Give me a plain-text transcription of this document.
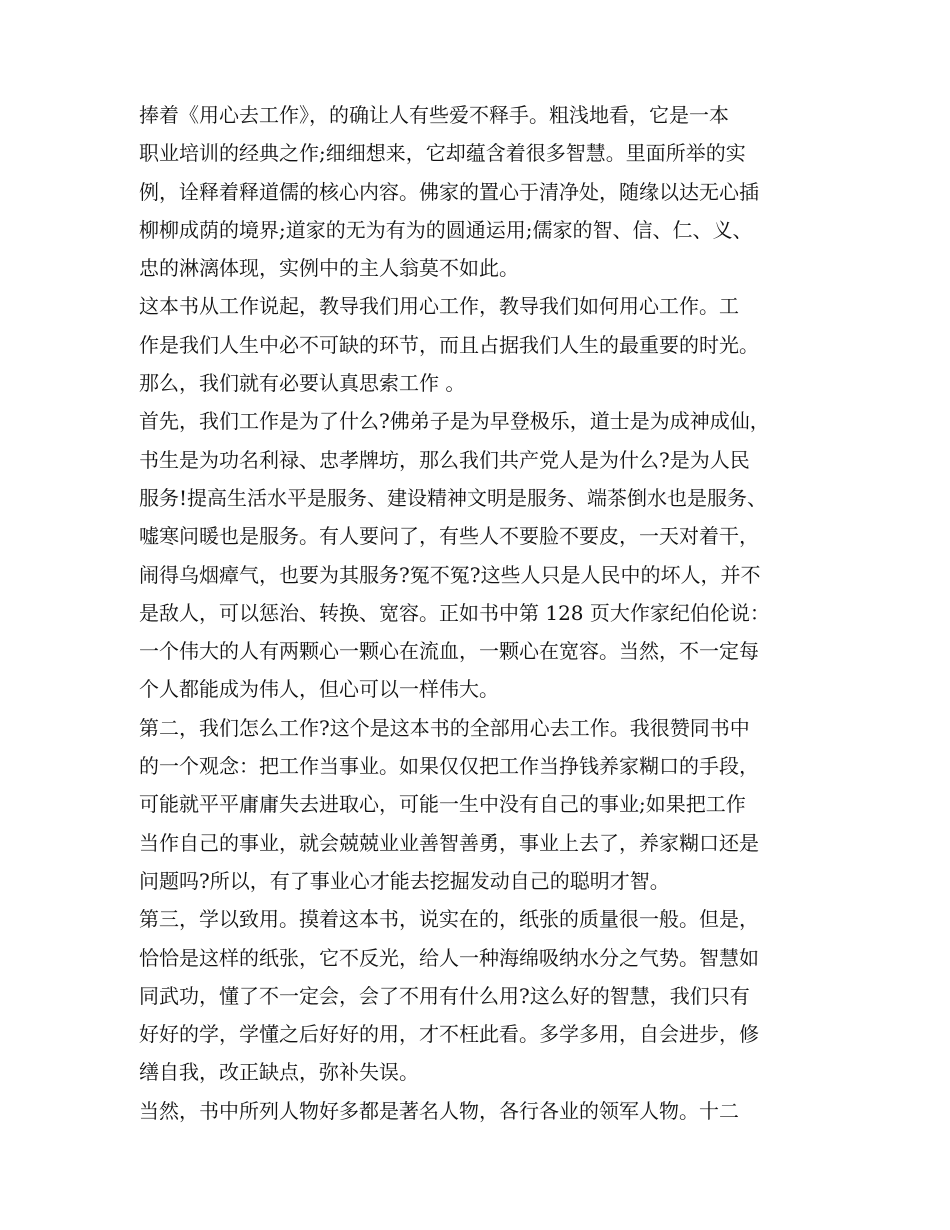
捧着《用心去工作》，的确让人有些爱不释手。粗浅地看，它是一本
职业培训的经典之作;细细想来，它却蕴含着很多智慧。里面所举的实
例，诠释着释道儒的核心内容。佛家的置心于清净处，随缘以达无心插
柳柳成荫的境界;道家的无为有为的圆通运用;儒家的智、信、仁、义、
忠的淋漓体现，实例中的主人翁莫不如此。
这本书从工作说起，教导我们用心工作，教导我们如何用心工作。工
作是我们人生中必不可缺的环节，而且占据我们人生的最重要的时光。
那么，我们就有必要认真思索工作 。
首先，我们工作是为了什么?佛弟子是为早登极乐，道士是为成神成仙，
书生是为功名利禄、忠孝牌坊，那么我们共产党人是为什么?是为人民
服务!提高生活水平是服务、建设精神文明是服务、端茶倒水也是服务、
嘘寒问暖也是服务。有人要问了，有些人不要脸不要皮，一天对着干，
闹得乌烟瘴气，也要为其服务?冤不冤?这些人只是人民中的坏人，并不
是敌人，可以惩治、转换、宽容。正如书中第 128 页大作家纪伯伦说：
一个伟大的人有两颗心一颗心在流血，一颗心在宽容。当然，不一定每
个人都能成为伟人，但心可以一样伟大。
第二，我们怎么工作?这个是这本书的全部用心去工作。我很赞同书中
的一个观念：把工作当事业。如果仅仅把工作当挣钱养家糊口的手段，
可能就平平庸庸失去进取心，可能一生中没有自己的事业;如果把工作
当作自己的事业，就会兢兢业业善智善勇，事业上去了，养家糊口还是
问题吗?所以，有了事业心才能去挖掘发动自己的聪明才智。
第三，学以致用。摸着这本书，说实在的，纸张的质量很一般。但是，
恰恰是这样的纸张，它不反光，给人一种海绵吸纳水分之气势。智慧如
同武功，懂了不一定会，会了不用有什么用?这么好的智慧，我们只有
好好的学，学懂之后好好的用，才不枉此看。多学多用，自会进步，修
缮自我，改正缺点，弥补失误。
当然，书中所列人物好多都是著名人物，各行各业的领军人物。十二
